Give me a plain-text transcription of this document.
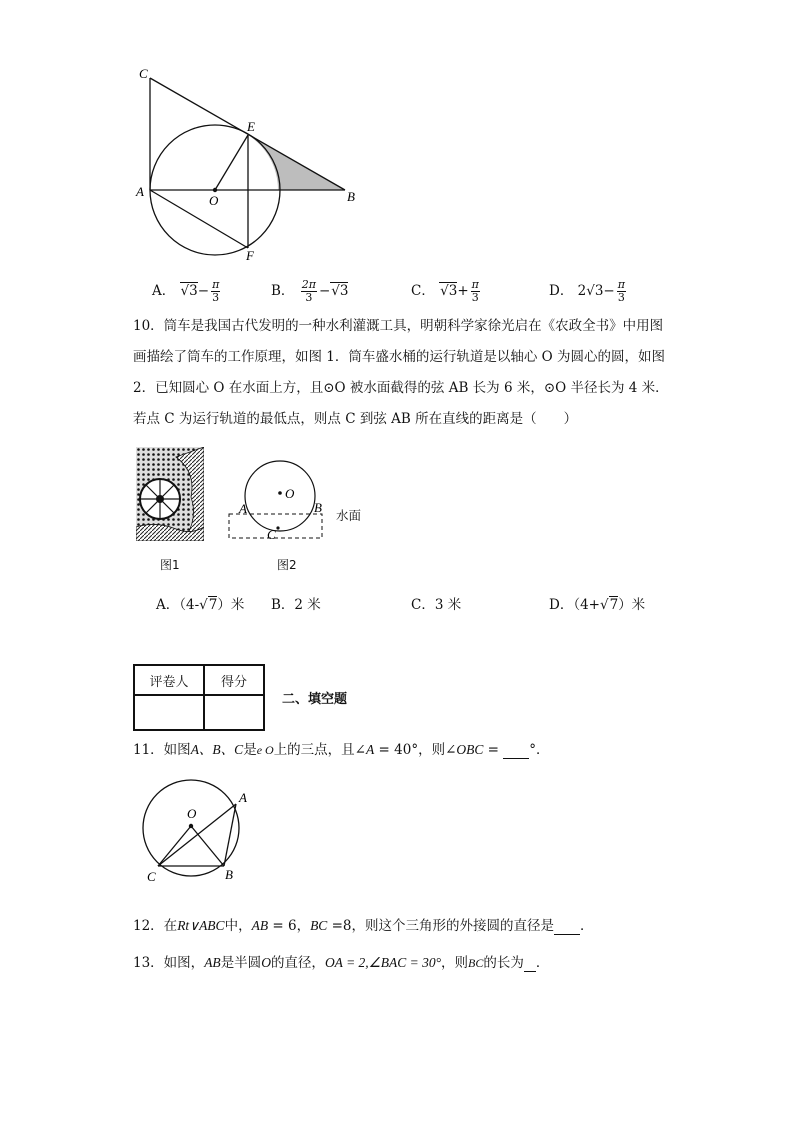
C
E
A
O	B
F
A． $√3- \frac{\pi}{3}$	B． $\frac{2\pi}{3} -√3$	C． $√3+ \frac{\pi}{3}$	D． $2√3- \frac{\pi}{3}$
10．筒车是我国古代发明的一种水利灌溉工具，明朝科学家徐光启在《农政全书》中用图画描绘了筒车的工作原理，如图 1．筒车盛水桶的运行轨道是以轴心 O 为圆心的圆，如图 2．已知圆心 O 在水面上方，且⊙O 被水面截得的弦 AB 长为 6 米，⊙O 半径长为 4 米．若点 C 为运行轨道的最低点，则点 C 到弦 AB 所在直线的距离是（　　）
图1
O
A	B
C
水面
图2
A．（4-√7）米 B．2 米	C．3 米	D．（4+√7）米
评卷人	得分

二、填空题
11．如图A、B、C是e O上的三点，且∠A = 40°，则∠OBC =  °．
O
A
C	B
12．在Rt∨ABC中，AB = 6，BC =8，则这个三角形的外接圆的直径是 ．
13．如图，AB是半圆O的直径，OA = 2,∠BAC = 30°，则BC的长为 ．
